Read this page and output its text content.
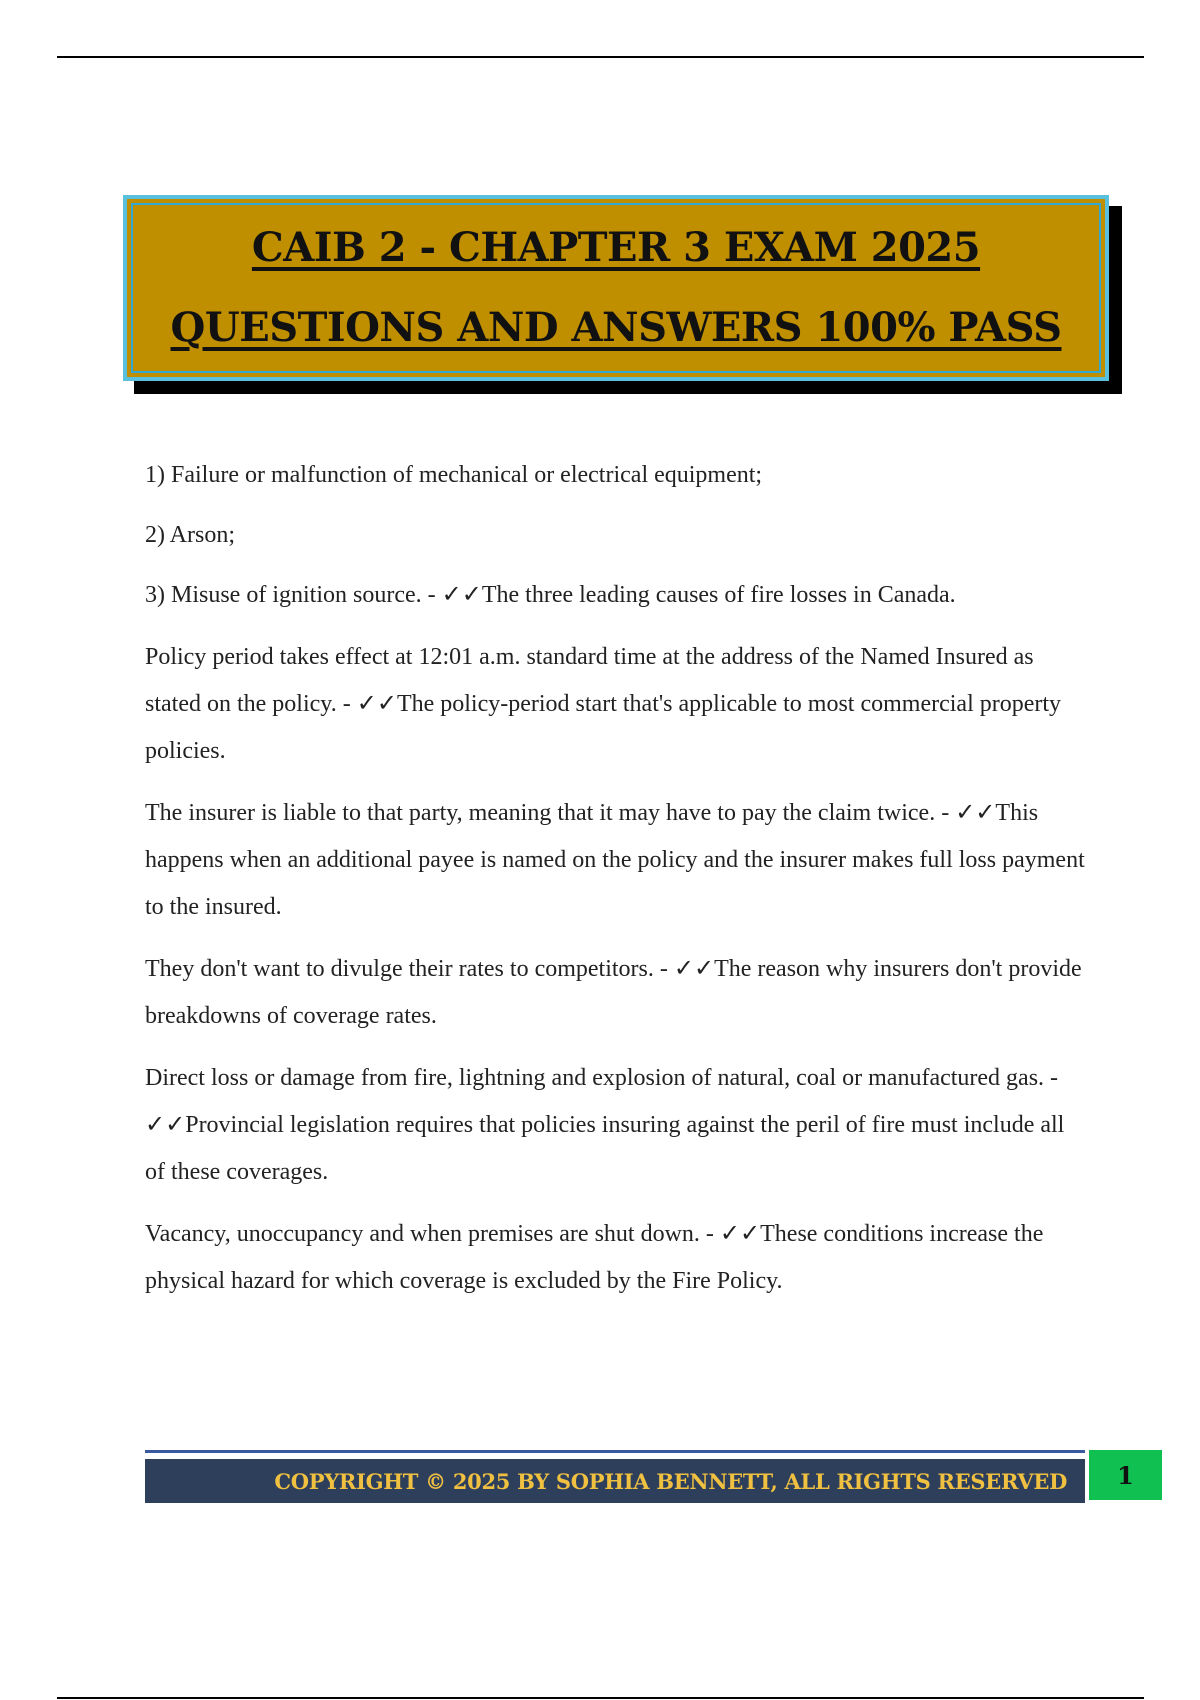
CAIB 2 - CHAPTER 3 EXAM 2025
QUESTIONS AND ANSWERS 100% PASS

1) Failure or malfunction of mechanical or electrical equipment;

2) Arson;

3) Misuse of ignition source. - ✓✓The three leading causes of fire losses in Canada.

Policy period takes effect at 12:01 a.m. standard time at the address of the Named Insured as stated on the policy. - ✓✓The policy-period start that's applicable to most commercial property policies.

The insurer is liable to that party, meaning that it may have to pay the claim twice. - ✓✓This happens when an additional payee is named on the policy and the insurer makes full loss payment to the insured.

They don't want to divulge their rates to competitors. - ✓✓The reason why insurers don't provide breakdowns of coverage rates.

Direct loss or damage from fire, lightning and explosion of natural, coal or manufactured gas. - ✓✓Provincial legislation requires that policies insuring against the peril of fire must include all of these coverages.

Vacancy, unoccupancy and when premises are shut down. - ✓✓These conditions increase the physical hazard for which coverage is excluded by the Fire Policy.

COPYRIGHT © 2025 BY SOPHIA BENNETT, ALL RIGHTS RESERVED 1
